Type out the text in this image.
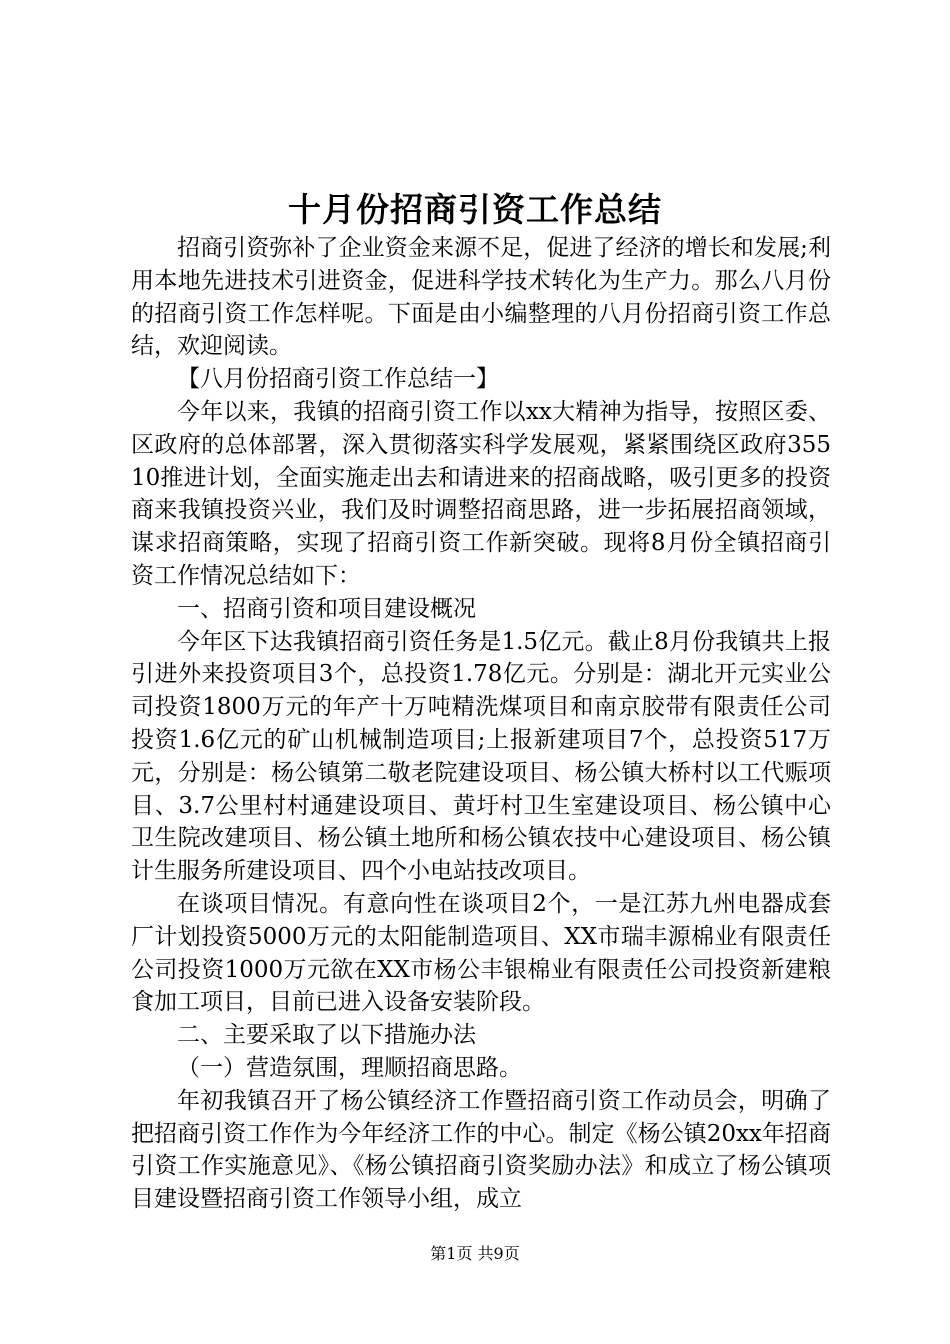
十月份招商引资工作总结

招商引资弥补了企业资金来源不足，促进了经济的增长和发展;利用本地先进技术引进资金，促进科学技术转化为生产力。那么八月份的招商引资工作怎样呢。下面是由小编整理的八月份招商引资工作总结，欢迎阅读。

【八月份招商引资工作总结一】

今年以来，我镇的招商引资工作以xx大精神为指导，按照区委、区政府的总体部署，深入贯彻落实科学发展观，紧紧围绕区政府35510推进计划，全面实施走出去和请进来的招商战略，吸引更多的投资商来我镇投资兴业，我们及时调整招商思路，进一步拓展招商领域，谋求招商策略，实现了招商引资工作新突破。现将8月份全镇招商引资工作情况总结如下：

一、招商引资和项目建设概况

今年区下达我镇招商引资任务是1.5亿元。截止8月份我镇共上报引进外来投资项目3个，总投资1.78亿元。分别是：湖北开元实业公司投资1800万元的年产十万吨精洗煤项目和南京胶带有限责任公司投资1.6亿元的矿山机械制造项目;上报新建项目7个，总投资517万元，分别是：杨公镇第二敬老院建设项目、杨公镇大桥村以工代赈项目、3.7公里村村通建设项目、黄圩村卫生室建设项目、杨公镇中心卫生院改建项目、杨公镇土地所和杨公镇农技中心建设项目、杨公镇计生服务所建设项目、四个小电站技改项目。

在谈项目情况。有意向性在谈项目2个，一是江苏九州电器成套厂计划投资5000万元的太阳能制造项目、XX市瑞丰源棉业有限责任公司投资1000万元欲在XX市杨公丰银棉业有限责任公司投资新建粮食加工项目，目前已进入设备安装阶段。

二、主要采取了以下措施办法

（一）营造氛围，理顺招商思路。

年初我镇召开了杨公镇经济工作暨招商引资工作动员会，明确了把招商引资工作作为今年经济工作的中心。制定《杨公镇20xx年招商引资工作实施意见》、《杨公镇招商引资奖励办法》和成立了杨公镇项目建设暨招商引资工作领导小组，成立

第1页 共9页
